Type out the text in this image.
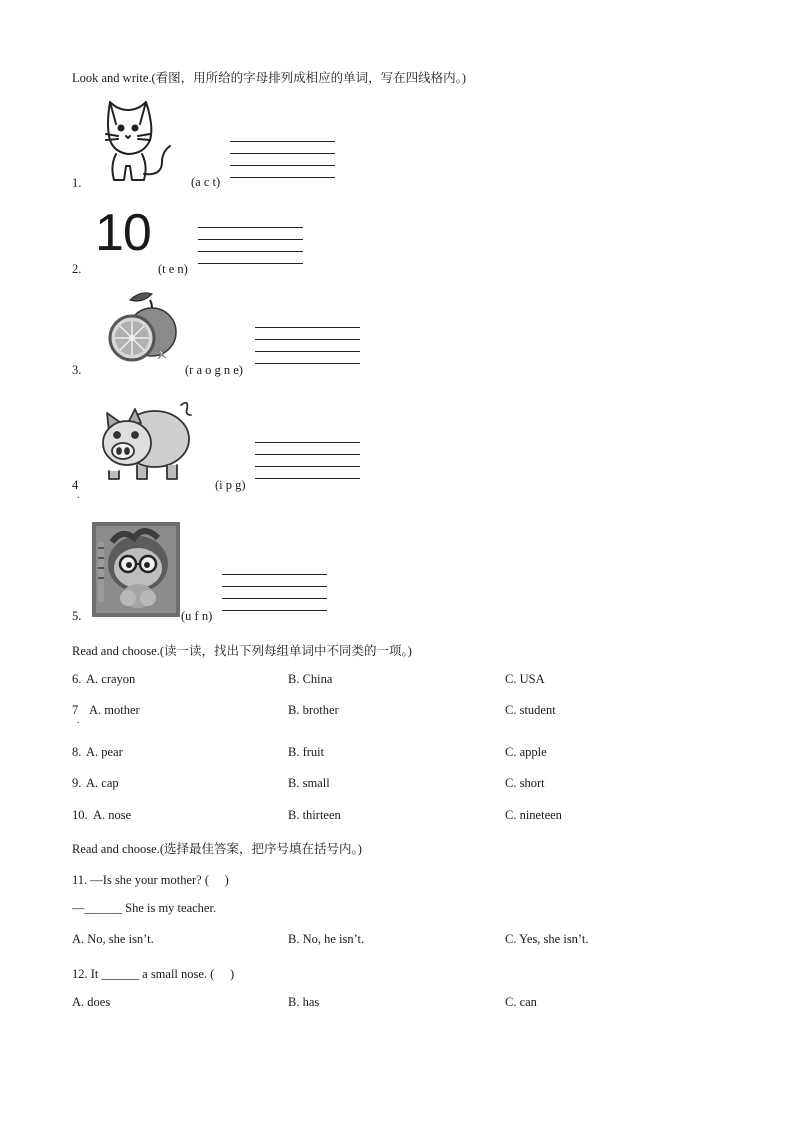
Look and write.(看图，用所给的字母排列成相应的单词，写在四线格内。)
1.	(a c t)
10
2.	(t e n)
3.	(r a o g n e)
4
.
(i p g)
5.	(u f n)
Read and choose.(读一读，找出下列每组单词中不同类的一项。)
6. A. crayon	B. China	C. USA
7
.
A. mother	B. brother	C. student
8. A. pear	B. fruit	C. apple
9. A. cap	B. small	C. short
10. A. nose	B. thirteen	C. nineteen
Read and choose.(选择最佳答案，把序号填在括号内。)
11. —Is she your mother? (　 )
—______ She is my teacher.
A. No, she isn’t.	B. No, he isn’t.	C. Yes, she isn’t.
12. It ______ a small nose. (　 )
A. does	B. has	C. can
